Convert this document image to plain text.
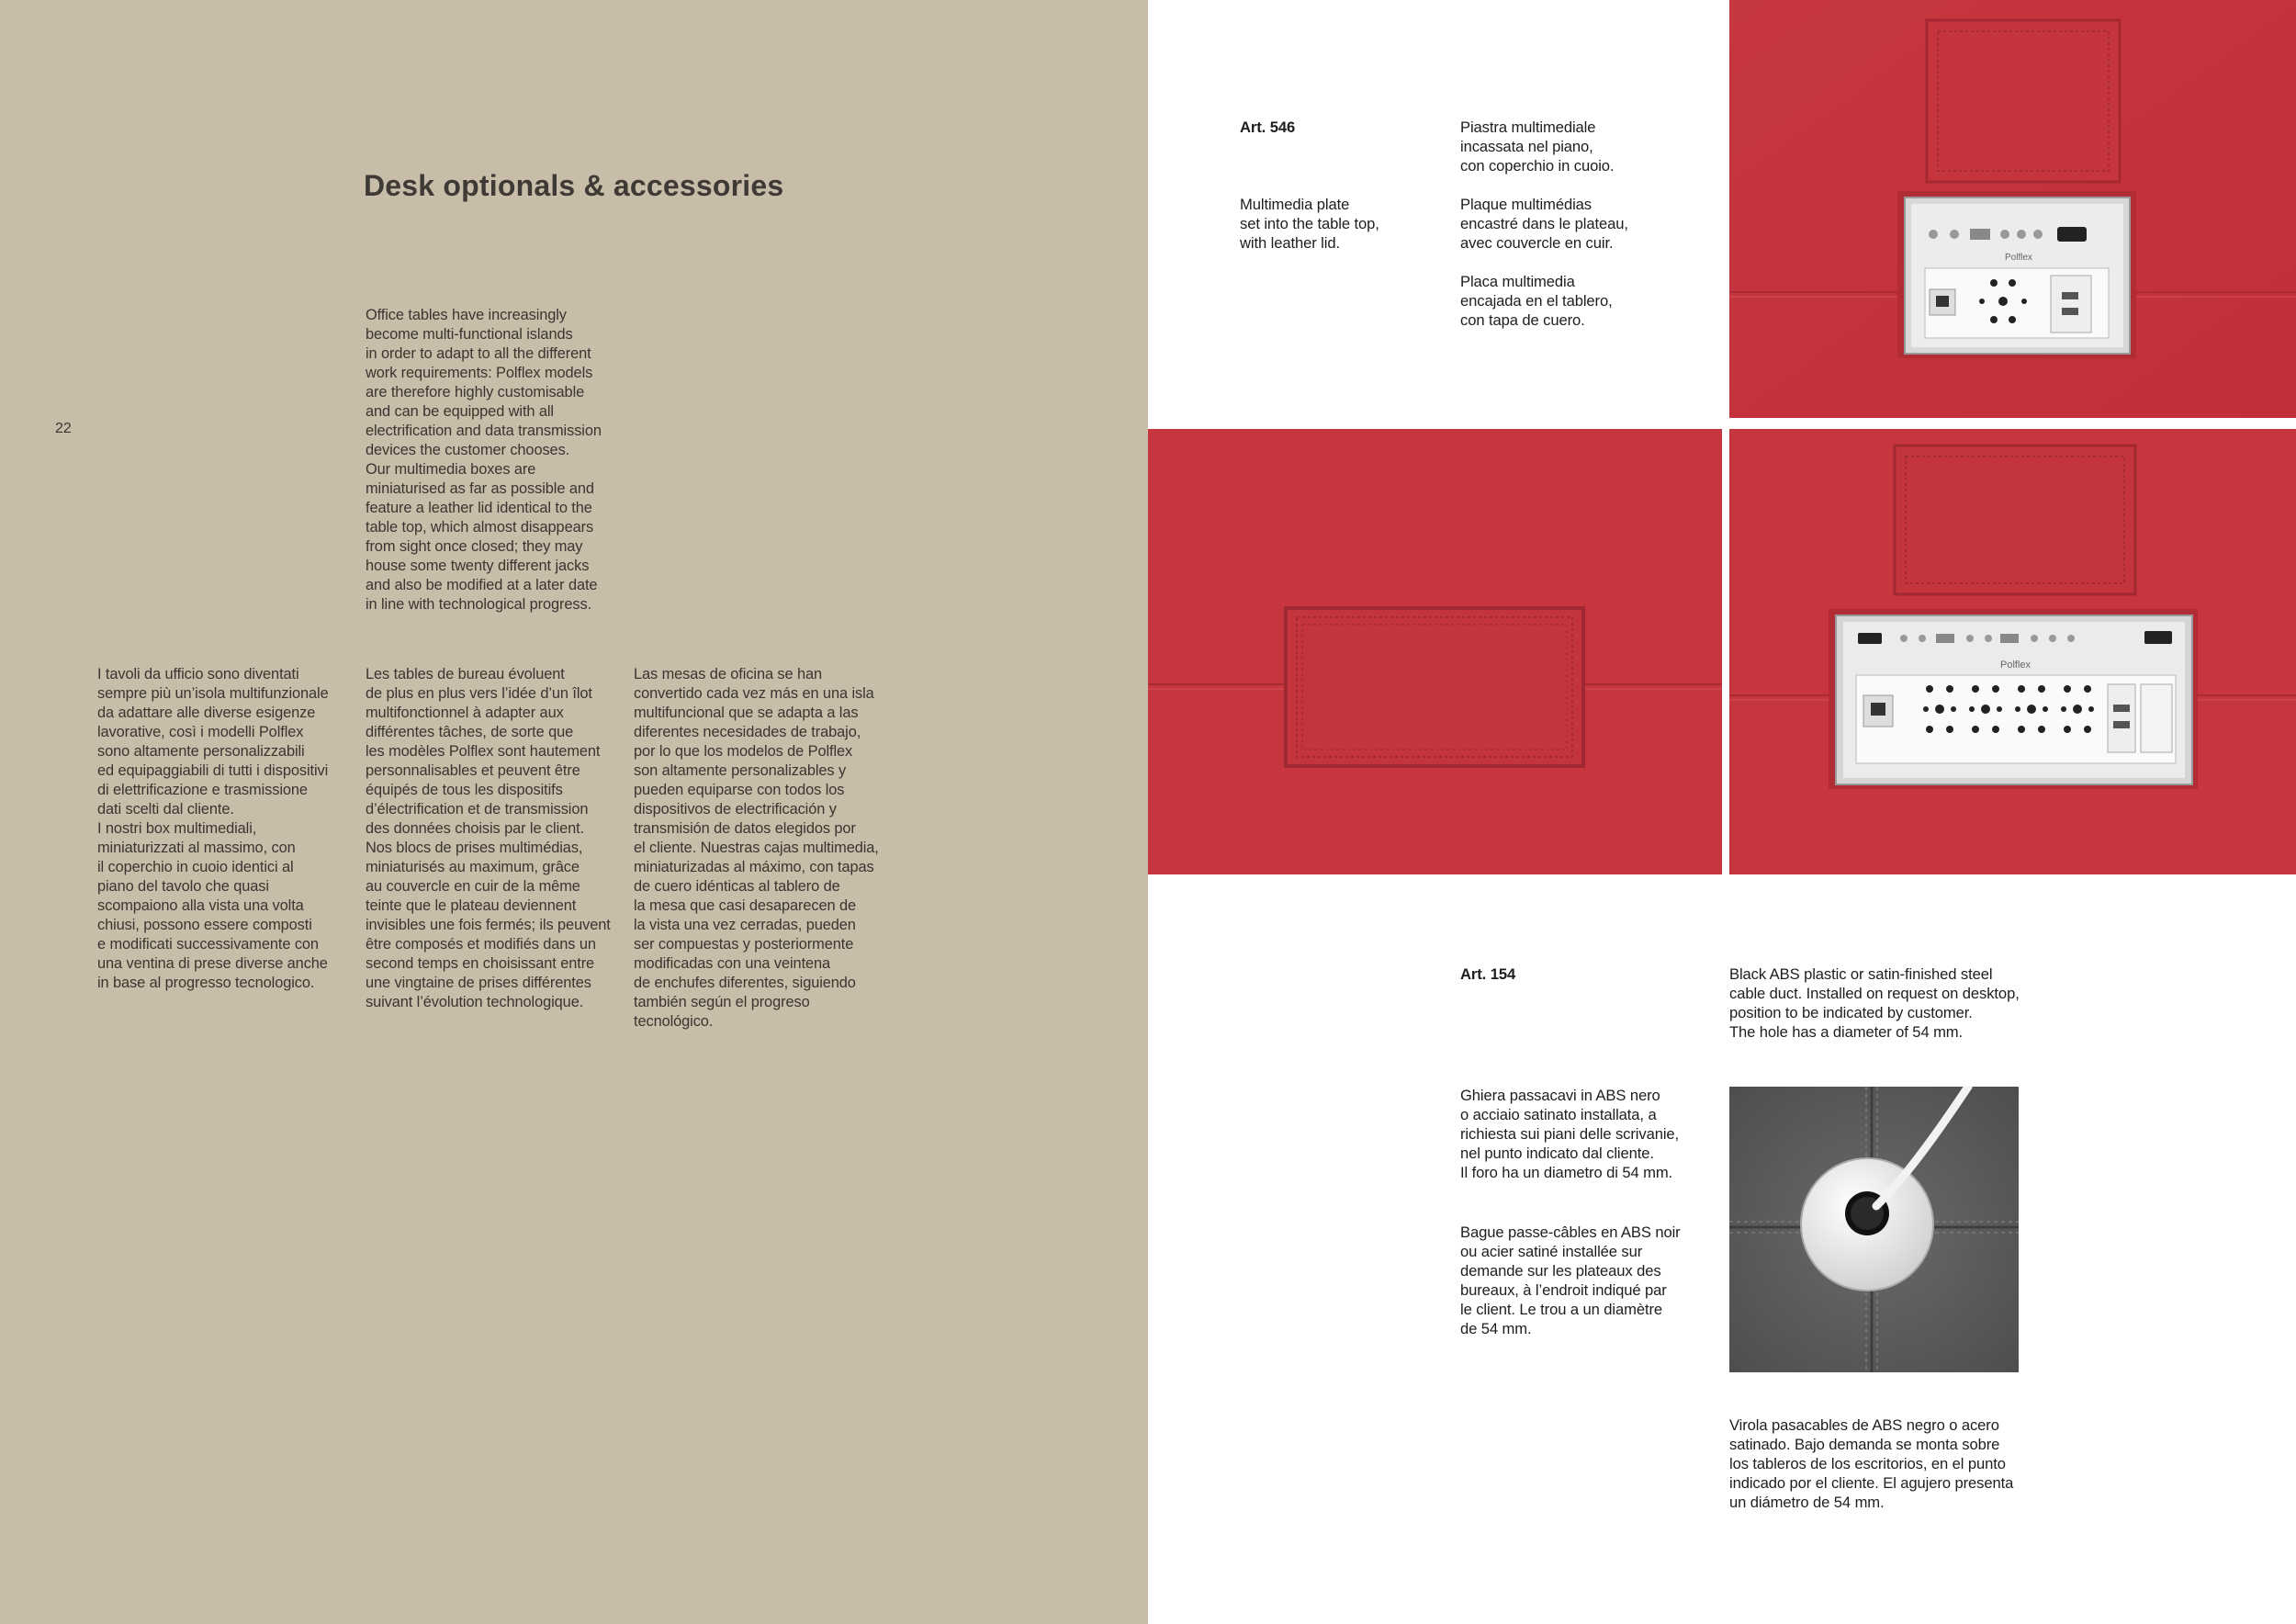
22
Desk optionals & accessories
Office tables have increasingly
become multi-functional islands
in order to adapt to all the different
work requirements: Polflex models
are therefore highly customisable
and can be equipped with all
electrification and data transmission
devices the customer chooses.
Our multimedia boxes are
miniaturised as far as possible and
feature a leather lid identical to the
table top, which almost disappears
from sight once closed; they may
house some twenty different jacks
and also be modified at a later date
in line with technological progress.
I tavoli da ufficio sono diventati
sempre più un’isola multifunzionale
da adattare alle diverse esigenze
lavorative, così i modelli Polflex
sono altamente personalizzabili
ed equipaggiabili di tutti i dispositivi
di elettrificazione e trasmissione
dati scelti dal cliente.
I nostri box multimediali,
miniaturizzati al massimo, con
il coperchio in cuoio identici al
piano del tavolo che quasi
scompaiono alla vista una volta
chiusi, possono essere composti
e modificati successivamente con
una ventina di prese diverse anche
in base al progresso tecnologico.
Les tables de bureau évoluent
de plus en plus vers l’idée d’un îlot
multifonctionnel à adapter aux
différentes tâches, de sorte que
les modèles Polflex sont hautement
personnalisables et peuvent être
équipés de tous les dispositifs
d’électrification et de transmission
des données choisis par le client.
Nos blocs de prises multimédias,
miniaturisés au maximum, grâce
au couvercle en cuir de la même
teinte que le plateau deviennent
invisibles une fois fermés; ils peuvent
être composés et modifiés dans un
second temps en choisissant entre
une vingtaine de prises différentes
suivant l’évolution technologique.
Las mesas de oficina se han
convertido cada vez más en una isla
multifuncional que se adapta a las
diferentes necesidades de trabajo,
por lo que los modelos de Polflex
son altamente personalizables y
pueden equiparse con todos los
dispositivos de electrificación y
transmisión de datos elegidos por
el cliente. Nuestras cajas multimedia,
miniaturizadas al máximo, con tapas
de cuero idénticas al tablero de
la mesa que casi desaparecen de
la vista una vez cerradas, pueden
ser compuestas y posteriormente
modificadas con una veintena
de enchufes diferentes, siguiendo
también según el progreso
tecnológico.
Art. 546
Multimedia plate
set into the table top,
with leather lid.
Piastra multimediale
incassata nel piano,
con coperchio in cuoio.
Plaque multimédias
encastré dans le plateau,
avec couvercle en cuir.
Placa multimedia
encajada en el tablero,
con tapa de cuero.
Polflex
Polflex
Art. 154	Black ABS plastic or satin-finished steel
cable duct. Installed on request on desktop,
position to be indicated by customer.
The hole has a diameter of 54 mm.
Ghiera passacavi in ABS nero
o acciaio satinato installata, a
richiesta sui piani delle scrivanie,
nel punto indicato dal cliente.
Il foro ha un diametro di 54 mm.
Bague passe-câbles en ABS noir
ou acier satiné installée sur
demande sur les plateaux des
bureaux, à l’endroit indiqué par
le client. Le trou a un diamètre
de 54 mm.
Virola pasacables de ABS negro o acero
satinado. Bajo demanda se monta sobre
los tableros de los escritorios, en el punto
indicado por el cliente. El agujero presenta
un diámetro de 54 mm.
